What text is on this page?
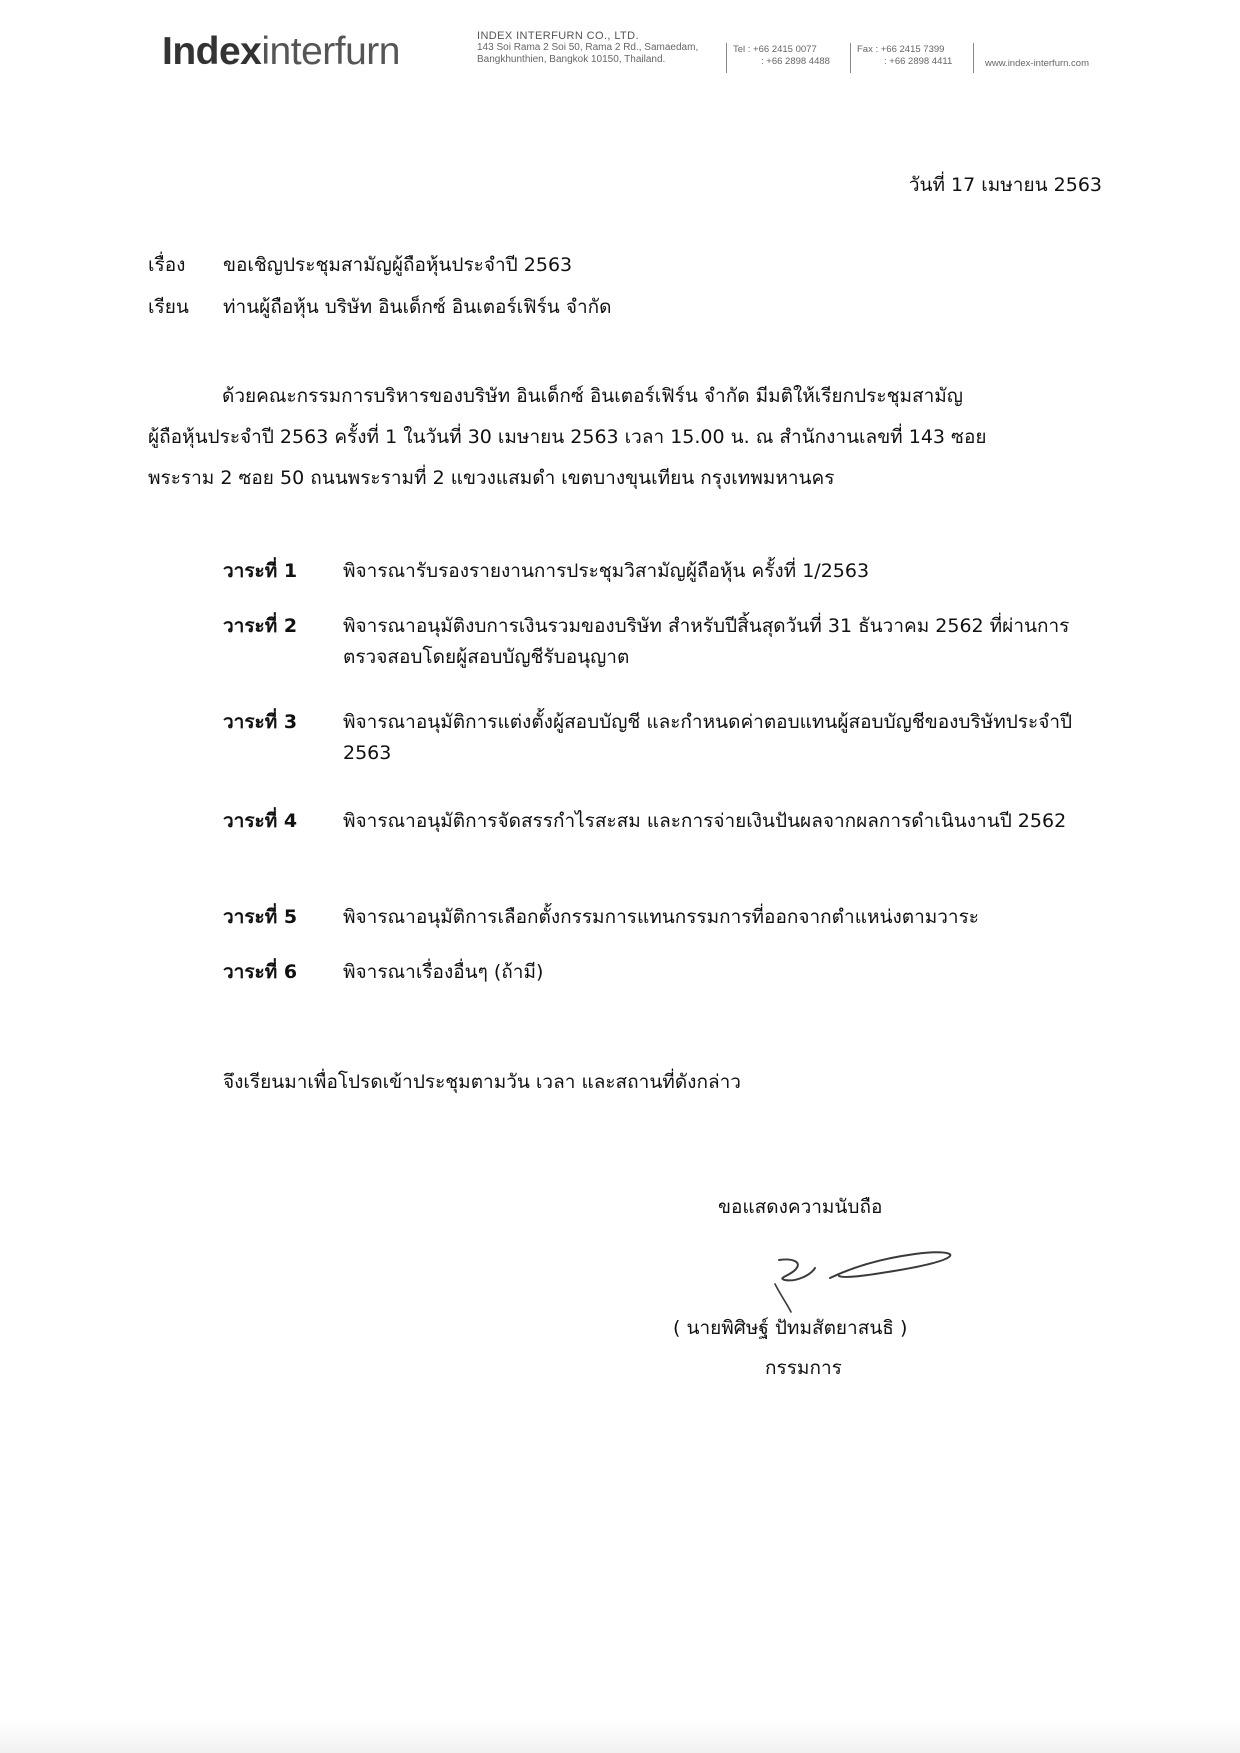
Indexinterfurn	INDEX INTERFURN CO., LTD.
143 Soi Rama 2 Soi 50, Rama 2 Rd., Samaedam,
Bangkhunthien, Bangkok 10150, Thailand.
Tel : +66 2415 0077
: +66 2898 4488
Fax : +66 2415 7399
: +66 2898 4411	www.index-interfurn.com
วันที่ 17 เมษายน 2563
เรื่อง ขอเชิญประชุมสามัญผู้ถือหุ้นประจำปี 2563
เรียน ท่านผู้ถือหุ้น บริษัท อินเด็กซ์ อินเตอร์เฟิร์น จำกัด

ด้วยคณะกรรมการบริหารของบริษัท อินเด็กซ์ อินเตอร์เฟิร์น จำกัด มีมติให้เรียกประชุมสามัญ

ผู้ถือหุ้นประจำปี 2563 ครั้งที่ 1 ในวันที่ 30 เมษายน 2563 เวลา 15.00 น. ณ สำนักงานเลขที่ 143 ซอย

พระราม 2 ซอย 50 ถนนพระรามที่ 2 แขวงแสมดำ เขตบางขุนเทียน กรุงเทพมหานคร

วาระที่ 1 พิจารณารับรองรายงานการประชุมวิสามัญผู้ถือหุ้น ครั้งที่ 1/2563
วาระที่ 2 พิจารณาอนุมัติงบการเงินรวมของบริษัท สำหรับปีสิ้นสุดวันที่ 31 ธันวาคม 2562 ที่ผ่านการตรวจสอบโดยผู้สอบบัญชีรับอนุญาต
วาระที่ 3 พิจารณาอนุมัติการแต่งตั้งผู้สอบบัญชี และกำหนดค่าตอบแทนผู้สอบบัญชีของบริษัทประจำปี 2563
วาระที่ 4 พิจารณาอนุมัติการจัดสรรกำไรสะสม และการจ่ายเงินปันผลจากผลการดำเนินงานปี 2562
วาระที่ 5 พิจารณาอนุมัติการเลือกตั้งกรรมการแทนกรรมการที่ออกจากตำแหน่งตามวาระ
วาระที่ 6 พิจารณาเรื่องอื่นๆ (ถ้ามี)
จึงเรียนมาเพื่อโปรดเข้าประชุมตามวัน เวลา และสถานที่ดังกล่าว
ขอแสดงความนับถือ
( นายพิศิษฐ์ ปัทมสัตยาสนธิ )
กรรมการ
